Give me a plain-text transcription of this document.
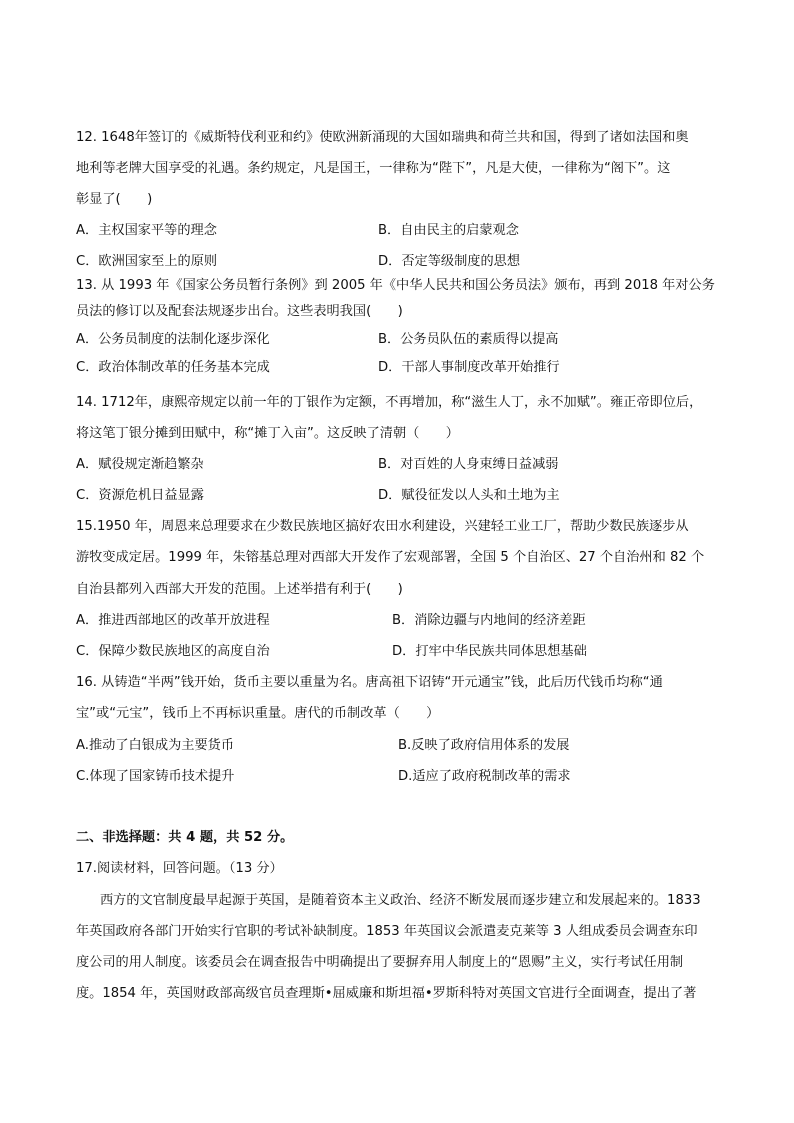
12. 1648年签订的《威斯特伐利亚和约》使欧洲新涌现的大国如瑞典和荷兰共和国，得到了诸如法国和奥
地利等老牌大国享受的礼遇。条约规定，凡是国王，一律称为“陛下”，凡是大使，一律称为“阁下”。这
彰显了(　　)
A．主权国家平等的理念	B．自由民主的启蒙观念
C．欧洲国家至上的原则	D．否定等级制度的思想
13. 从 1993 年《国家公务员暂行条例》到 2005 年《中华人民共和国公务员法》颁布，再到 2018 年对公务
员法的修订以及配套法规逐步出台。这些表明我国(　　)
A．公务员制度的法制化逐步深化	B．公务员队伍的素质得以提高
C．政治体制改革的任务基本完成	D．干部人事制度改革开始推行
14. 1712年，康熙帝规定以前一年的丁银作为定额，不再增加，称“滋生人丁，永不加赋”。雍正帝即位后，
将这笔丁银分摊到田赋中，称“摊丁入亩”。这反映了清朝（　　）
A．赋役规定渐趋繁杂	B．对百姓的人身束缚日益减弱
C．资源危机日益显露	D．赋役征发以人头和土地为主
15.1950 年，周恩来总理要求在少数民族地区搞好农田水利建设，兴建轻工业工厂，帮助少数民族逐步从
游牧变成定居。1999 年，朱镕基总理对西部大开发作了宏观部署，全国 5 个自治区、27 个自治州和 82 个
自治县都列入西部大开发的范围。上述举措有利于(　　)
A．推进西部地区的改革开放进程	B．消除边疆与内地间的经济差距
C．保障少数民族地区的高度自治	D．打牢中华民族共同体思想基础
16. 从铸造“半两”钱开始，货币主要以重量为名。唐高祖下诏铸“开元通宝”钱，此后历代钱币均称“通
宝”或“元宝”，钱币上不再标识重量。唐代的币制改革（　　）
A.推动了白银成为主要货币	B.反映了政府信用体系的发展
C.体现了国家铸币技术提升	D.适应了政府税制改革的需求
二、非选择题：共 4 题，共 52 分。
17.阅读材料，回答问题。（13 分）
西方的文官制度最早起源于英国，是随着资本主义政治、经济不断发展而逐步建立和发展起来的。1833
年英国政府各部门开始实行官职的考试补缺制度。1853 年英国议会派遣麦克莱等 3 人组成委员会调查东印
度公司的用人制度。该委员会在调查报告中明确提出了要摒弃用人制度上的“恩赐”主义，实行考试任用制
度。1854 年，英国财政部高级官员查理斯•屈威廉和斯坦福•罗斯科特对英国文官进行全面调查，提出了著
